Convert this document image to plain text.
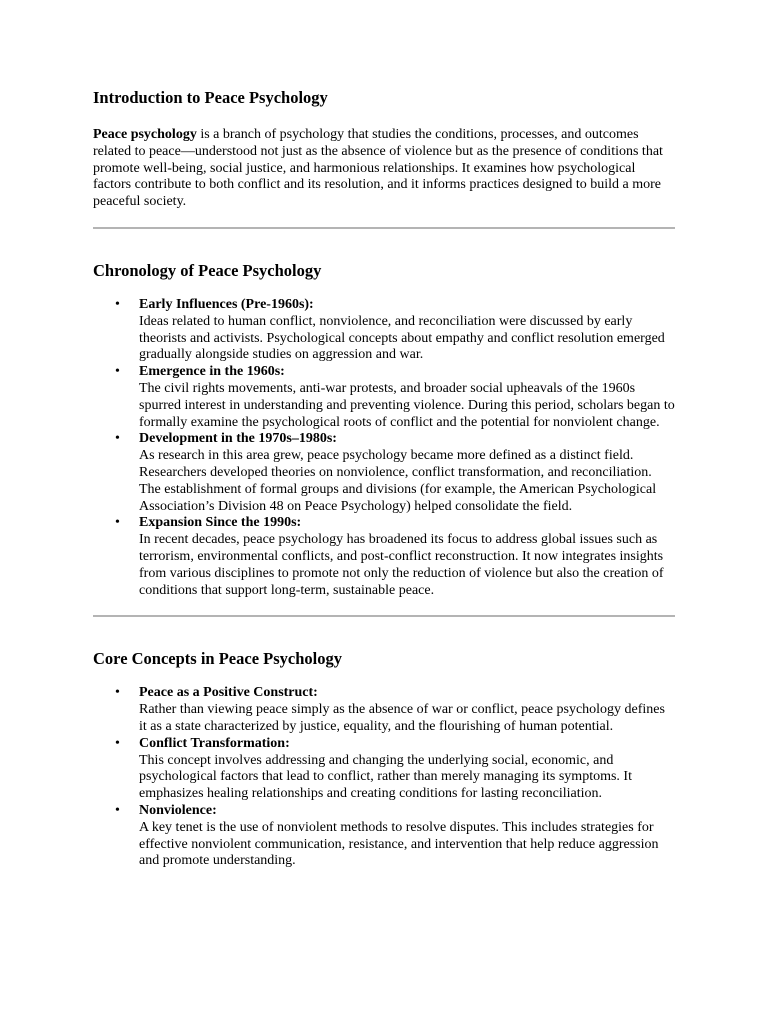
Introduction to Peace Psychology

Peace psychology is a branch of psychology that studies the conditions, processes, and outcomes related to peace—understood not just as the absence of violence but as the presence of conditions that promote well-being, social justice, and harmonious relationships. It examines how psychological factors contribute to both conflict and its resolution, and it informs practices designed to build a more peaceful society.

Chronology of Peace Psychology
• Early Influences (Pre-1960s):
Ideas related to human conflict, nonviolence, and reconciliation were discussed by early theorists and activists. Psychological concepts about empathy and conflict resolution emerged gradually alongside studies on aggression and war.
• Emergence in the 1960s:
The civil rights movements, anti-war protests, and broader social upheavals of the 1960s spurred interest in understanding and preventing violence. During this period, scholars began to formally examine the psychological roots of conflict and the potential for nonviolent change.
• Development in the 1970s–1980s:
As research in this area grew, peace psychology became more defined as a distinct field. Researchers developed theories on nonviolence, conflict transformation, and reconciliation. The establishment of formal groups and divisions (for example, the American Psychological Association’s Division 48 on Peace Psychology) helped consolidate the field.
• Expansion Since the 1990s:
In recent decades, peace psychology has broadened its focus to address global issues such as terrorism, environmental conflicts, and post-conflict reconstruction. It now integrates insights from various disciplines to promote not only the reduction of violence but also the creation of conditions that support long-term, sustainable peace.
Core Concepts in Peace Psychology
• Peace as a Positive Construct:
Rather than viewing peace simply as the absence of war or conflict, peace psychology defines it as a state characterized by justice, equality, and the flourishing of human potential.
• Conflict Transformation:
This concept involves addressing and changing the underlying social, economic, and psychological factors that lead to conflict, rather than merely managing its symptoms. It emphasizes healing relationships and creating conditions for lasting reconciliation.
• Nonviolence:
A key tenet is the use of nonviolent methods to resolve disputes. This includes strategies for effective nonviolent communication, resistance, and intervention that help reduce aggression and promote understanding.
